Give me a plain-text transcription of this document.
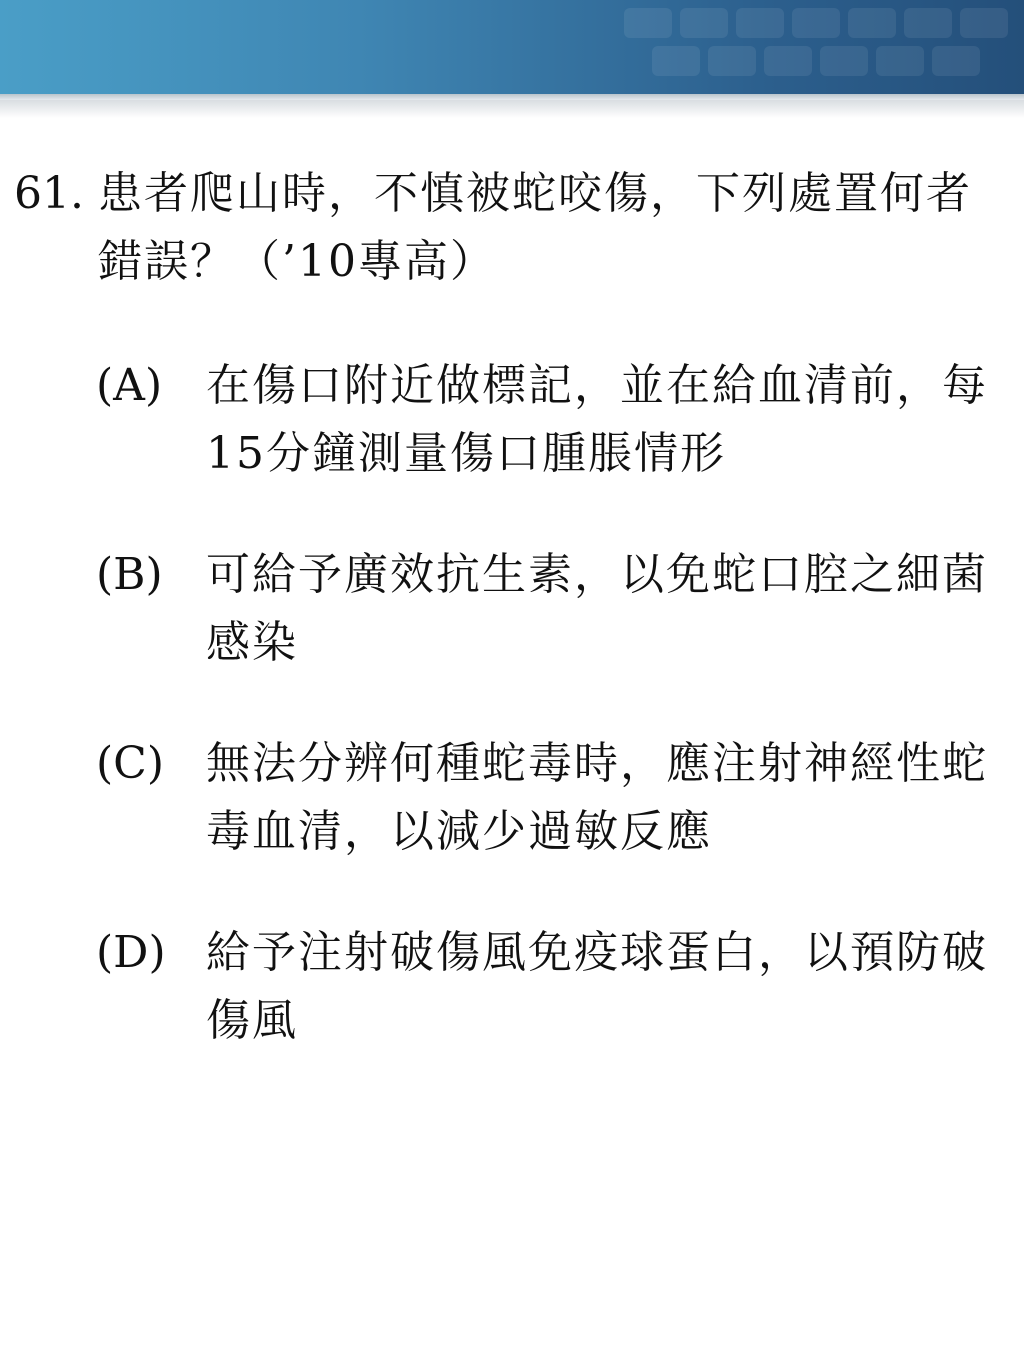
61. 患者爬山時，不慎被蛇咬傷，下列處置何者錯誤？（’10專高）
(A) 在傷口附近做標記，並在給血清前，每15分鐘測量傷口腫脹情形
(B) 可給予廣效抗生素，以免蛇口腔之細菌感染
(C) 無法分辨何種蛇毒時，應注射神經性蛇毒血清，以減少過敏反應
(D) 給予注射破傷風免疫球蛋白，以預防破傷風
